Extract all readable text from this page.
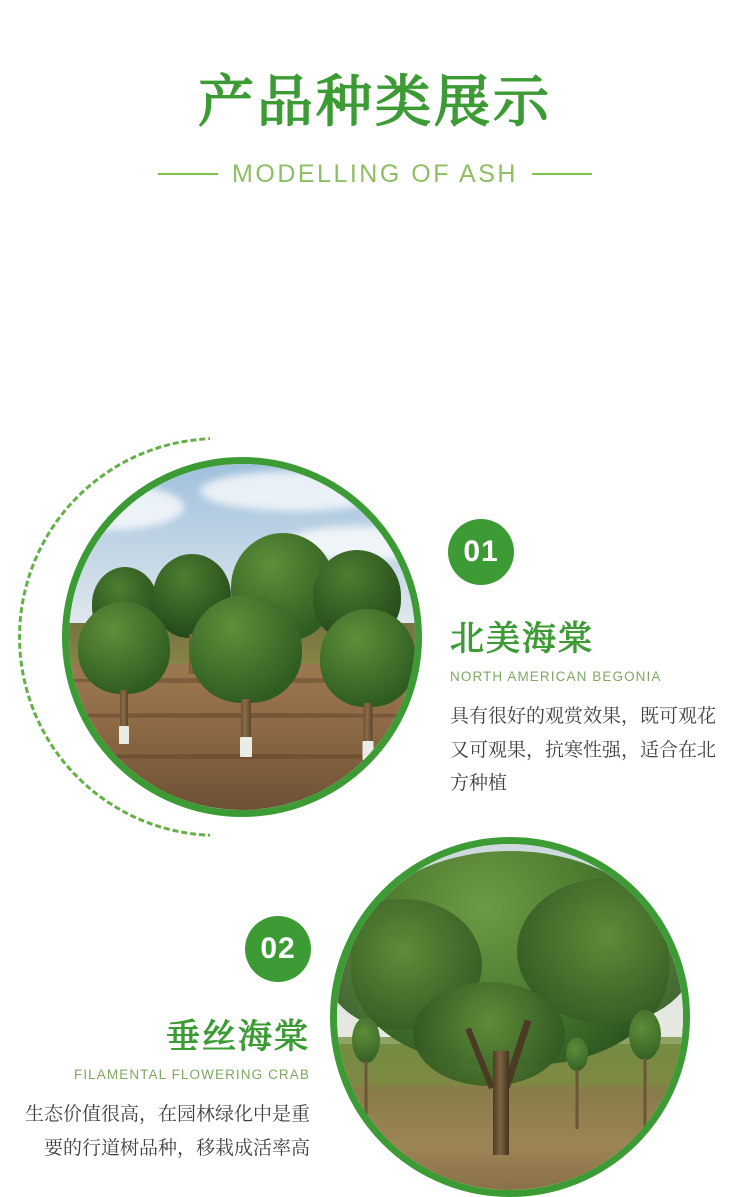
产品种类展示
MODELLING OF ASH
01
北美海棠
NORTH AMERICAN BEGONIA
具有很好的观赏效果，既可观花又可观果，抗寒性强，适合在北方种植
02
垂丝海棠
FILAMENTAL FLOWERING CRAB
生态价值很高，在园林绿化中是重要的行道树品种，移栽成活率高
